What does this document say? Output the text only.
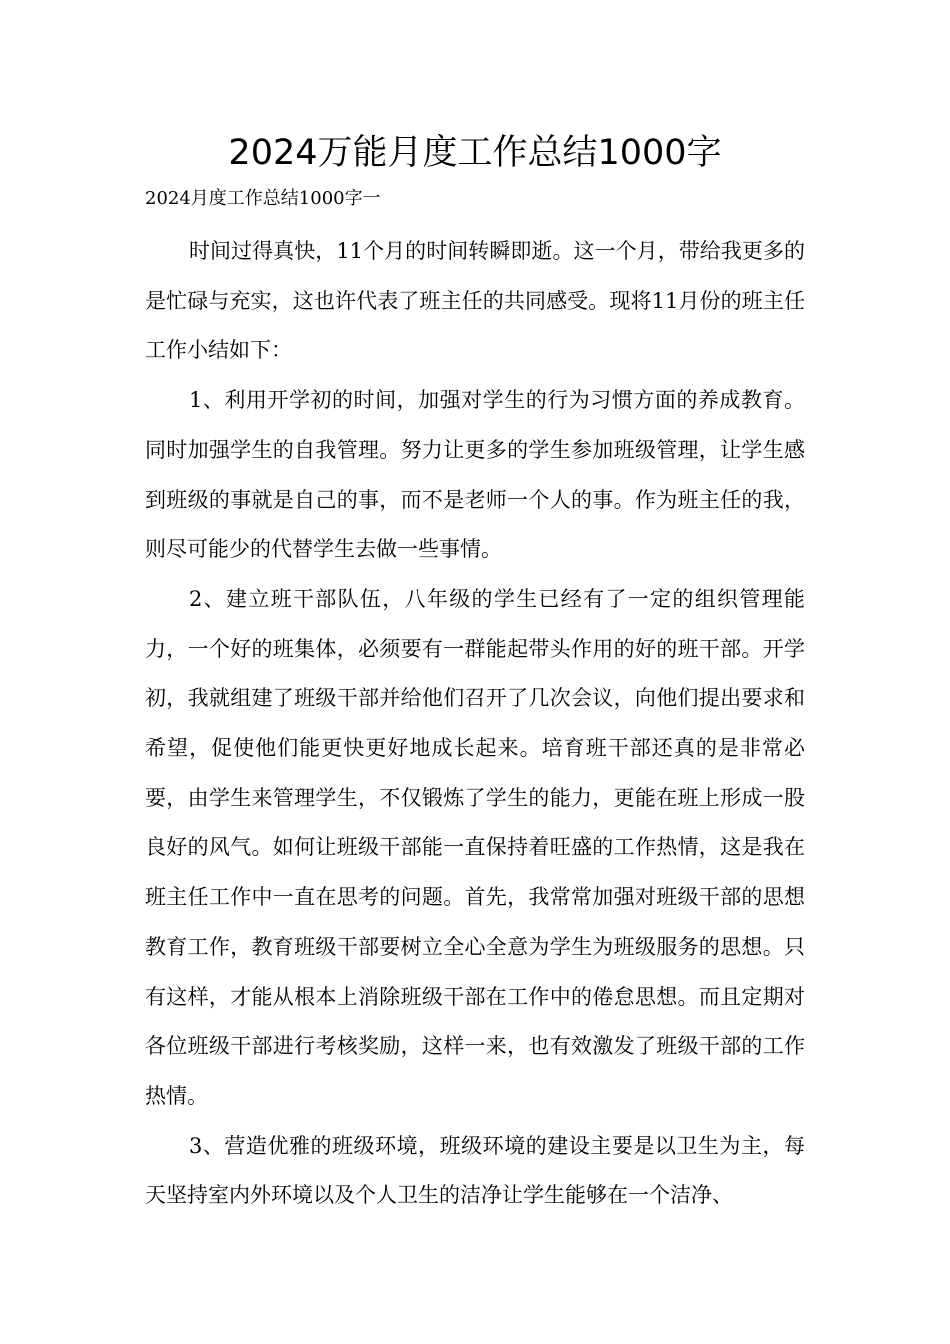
2024万能月度工作总结1000字
2024月度工作总结1000字一

时间过得真快，11个月的时间转瞬即逝。这一个月，带给我更多的是忙碌与充实，这也许代表了班主任的共同感受。现将11月份的班主任工作小结如下：

1、利用开学初的时间，加强对学生的行为习惯方面的养成教育。同时加强学生的自我管理。努力让更多的学生参加班级管理，让学生感到班级的事就是自己的事，而不是老师一个人的事。作为班主任的我，则尽可能少的代替学生去做一些事情。

2、建立班干部队伍，八年级的学生已经有了一定的组织管理能力，一个好的班集体，必须要有一群能起带头作用的好的班干部。开学初，我就组建了班级干部并给他们召开了几次会议，向他们提出要求和希望，促使他们能更快更好地成长起来。培育班干部还真的是非常必要，由学生来管理学生，不仅锻炼了学生的能力，更能在班上形成一股良好的风气。如何让班级干部能一直保持着旺盛的工作热情，这是我在班主任工作中一直在思考的问题。首先，我常常加强对班级干部的思想教育工作，教育班级干部要树立全心全意为学生为班级服务的思想。只有这样，才能从根本上消除班级干部在工作中的倦怠思想。而且定期对各位班级干部进行考核奖励，这样一来，也有效激发了班级干部的工作热情。

3、营造优雅的班级环境，班级环境的建设主要是以卫生为主，每天坚持室内外环境以及个人卫生的洁净让学生能够在一个洁净、
